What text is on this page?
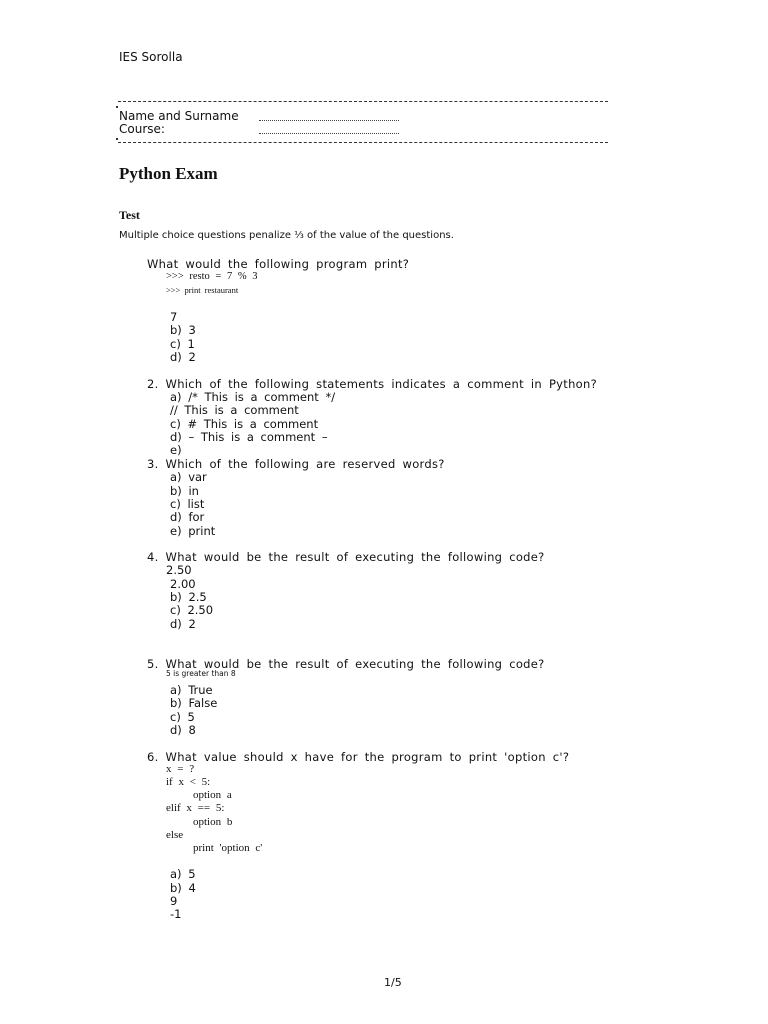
IES Sorolla
Name and Surname
Course:
Python Exam
Test
Multiple choice questions penalize ⅓ of the value of the questions.
What would the following program print?
>>> resto = 7 % 3
>>> print restaurant
7
b) 3
c) 1
d) 2
2. Which of the following statements indicates a comment in Python?
a) /* This is a comment */
// This is a comment
c) # This is a comment
d) – This is a comment –
e)
3. Which of the following are reserved words?
a) var
b) in
c) list
d) for
e) print
4. What would be the result of executing the following code?
2.50
2.00
b) 2.5
c) 2.50
d) 2
5. What would be the result of executing the following code?
5 is greater than 8
a) True
b) False
c) 5
d) 8
6. What value should x have for the program to print 'option c'?
x = ?
if x < 5:
option a
elif x == 5:
option b
else
print 'option c'
a) 5
b) 4
9
-1
1/5
